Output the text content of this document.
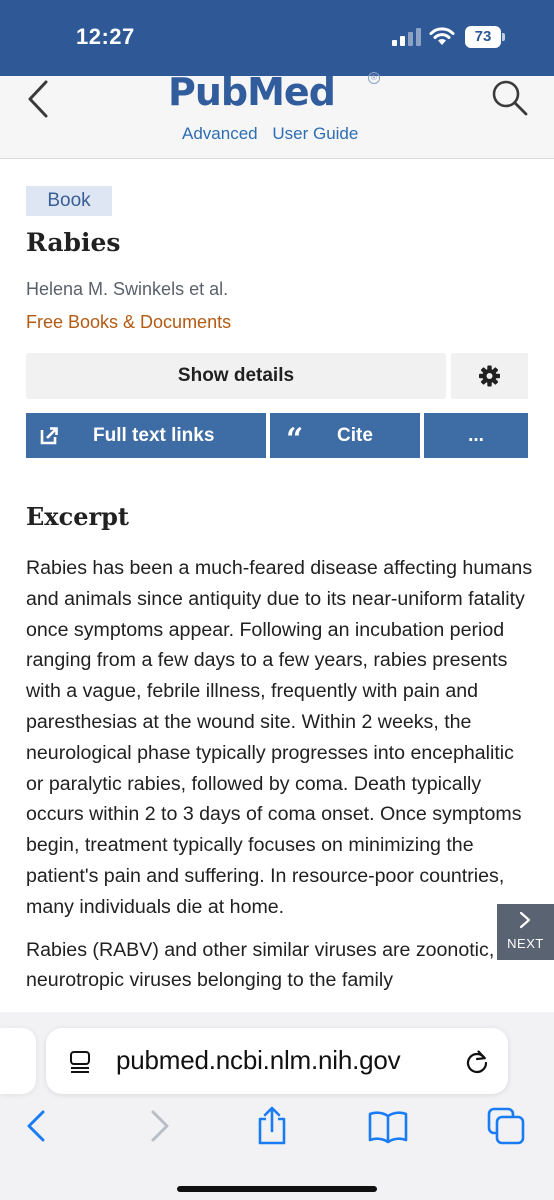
12:27	73
PubMed	®
Advanced User Guide
Book
Rabies
Helena M. Swinkels et al.
Free Books & Documents
Show details
Full text links “ Cite	...
Excerpt

Rabies has been a much-feared disease affecting humans and animals since antiquity due to its near-uniform fatality once symptoms appear. Following an incubation period ranging from a few days to a few years, rabies presents with a vague, febrile illness, frequently with pain and paresthesias at the wound site. Within 2 weeks, the neurological phase typically progresses into encephalitic or paralytic rabies, followed by coma. Death typically occurs within 2 to 3 days of coma onset. Once symptoms begin, treatment typically focuses on minimizing the patient's pain and suffering. In resource-poor countries, many individuals die at home.

Rabies (RABV) and other similar viruses are zoonotic, neurotropic viruses belonging to the family

NEXT
pubmed.ncbi.nlm.nih.gov
